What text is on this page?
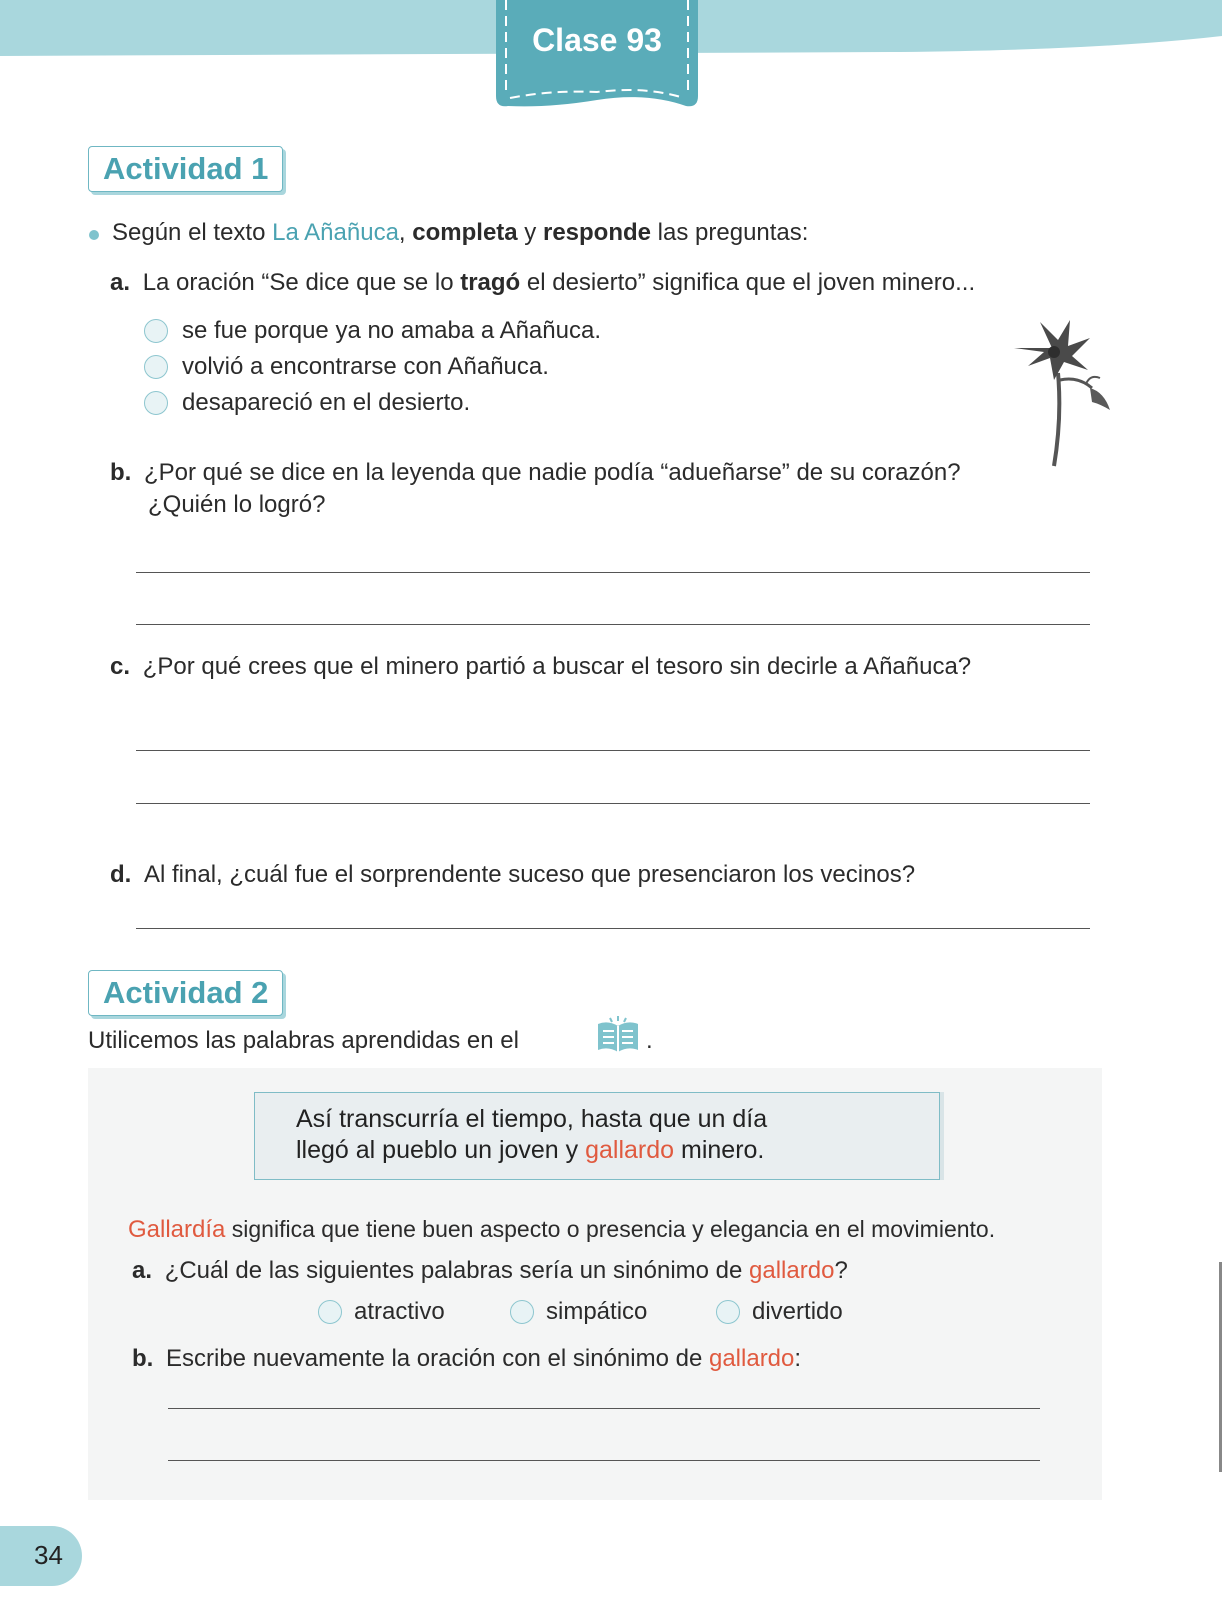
Clase 93
Actividad 1
Según el texto La Añañuca, completa y responde las preguntas:
a. La oración “Se dice que se lo tragó el desierto” significa que el joven minero...
se fue porque ya no amaba a Añañuca.
volvió a encontrarse con Añañuca.
desapareció en el desierto.
b. ¿Por qué se dice en la leyenda que nadie podía “adueñarse” de su corazón?
¿Quién lo logró?
c. ¿Por qué crees que el minero partió a buscar el tesoro sin decirle a Añañuca?
d. Al final, ¿cuál fue el sorprendente suceso que presenciaron los vecinos?
Actividad 2
Utilicemos las palabras aprendidas en el	.
Así transcurría el tiempo, hasta que un día
llegó al pueblo un joven y gallardo minero.
Gallardía significa que tiene buen aspecto o presencia y elegancia en el movimiento.
a. ¿Cuál de las siguientes palabras sería un sinónimo de gallardo?
atractivo	simpático	divertido
b. Escribe nuevamente la oración con el sinónimo de gallardo:
34
